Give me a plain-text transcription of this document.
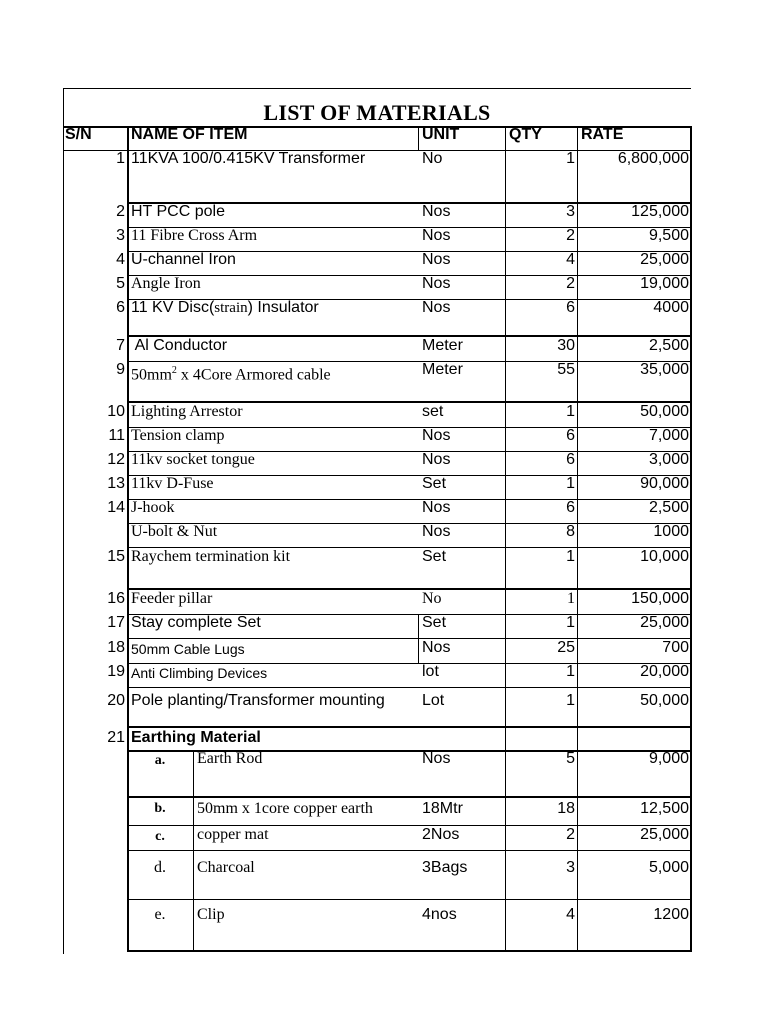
LIST OF MATERIALS
S/N	NAME OF ITEM	UNIT	QTY	RATE
1 11KVA 100/0.415KV Transformer	No	1	6,800,000
2 HT PCC pole	Nos	3	125,000
3 11 Fibre Cross Arm	Nos	2	9,500
4 U-channel Iron	Nos	4	25,000
5 Angle Iron	Nos	2	19,000
6 11 KV Disc(strain) Insulator	Nos	6	4000
7 Al Conductor	Meter	30	2,500
9 $50mm^2$ x 4Core Armored cable	Meter	55	35,000
10 Lighting Arrestor	set	1	50,000
11 Tension clamp	Nos	6	7,000
12 11kv socket tongue	Nos	6	3,000
13 11kv D-Fuse	Set	1	90,000
14 J-hook	Nos	6	2,500
U-bolt & Nut	Nos	8	1000
15 Raychem termination kit	Set	1	10,000
16 Feeder pillar	No	1	150,000
17 Stay complete Set	Set	1	25,000
18 50mm Cable Lugs	Nos	25	700
19 Anti Climbing Devices	lot	1	20,000
20 Pole planting/Transformer mounting	Lot	1	50,000
21 Earthing Material
a.	Earth Rod	Nos	5	9,000
b.	50mm x 1core copper earth	18Mtr	18	12,500
c.	copper mat	2Nos	2	25,000
d.	Charcoal	3Bags	3	5,000
e.	Clip	4nos	4	1200
